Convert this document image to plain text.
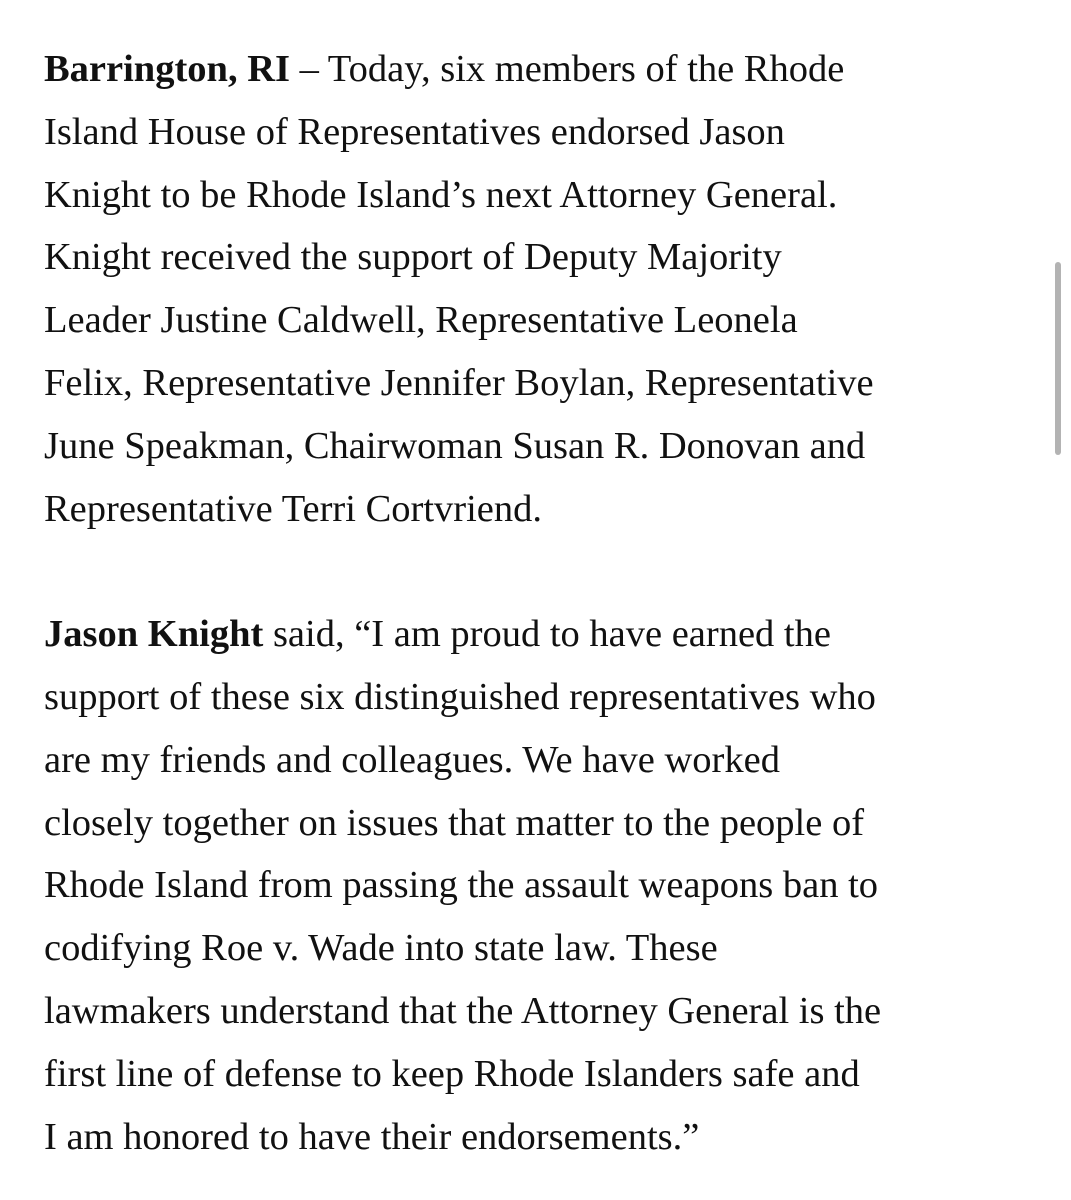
Barrington, RI – Today, six members of the Rhode
Island House of Representatives endorsed Jason
Knight to be Rhode Island’s next Attorney General.
Knight received the support of Deputy Majority
Leader Justine Caldwell, Representative Leonela
Felix, Representative Jennifer Boylan, Representative
June Speakman, Chairwoman Susan R. Donovan and
Representative Terri Cortvriend.

Jason Knight said, “I am proud to have earned the
support of these six distinguished representatives who
are my friends and colleagues. We have worked
closely together on issues that matter to the people of
Rhode Island from passing the assault weapons ban to
codifying Roe v. Wade into state law. These
lawmakers understand that the Attorney General is the
first line of defense to keep Rhode Islanders safe and
I am honored to have their endorsements.”
